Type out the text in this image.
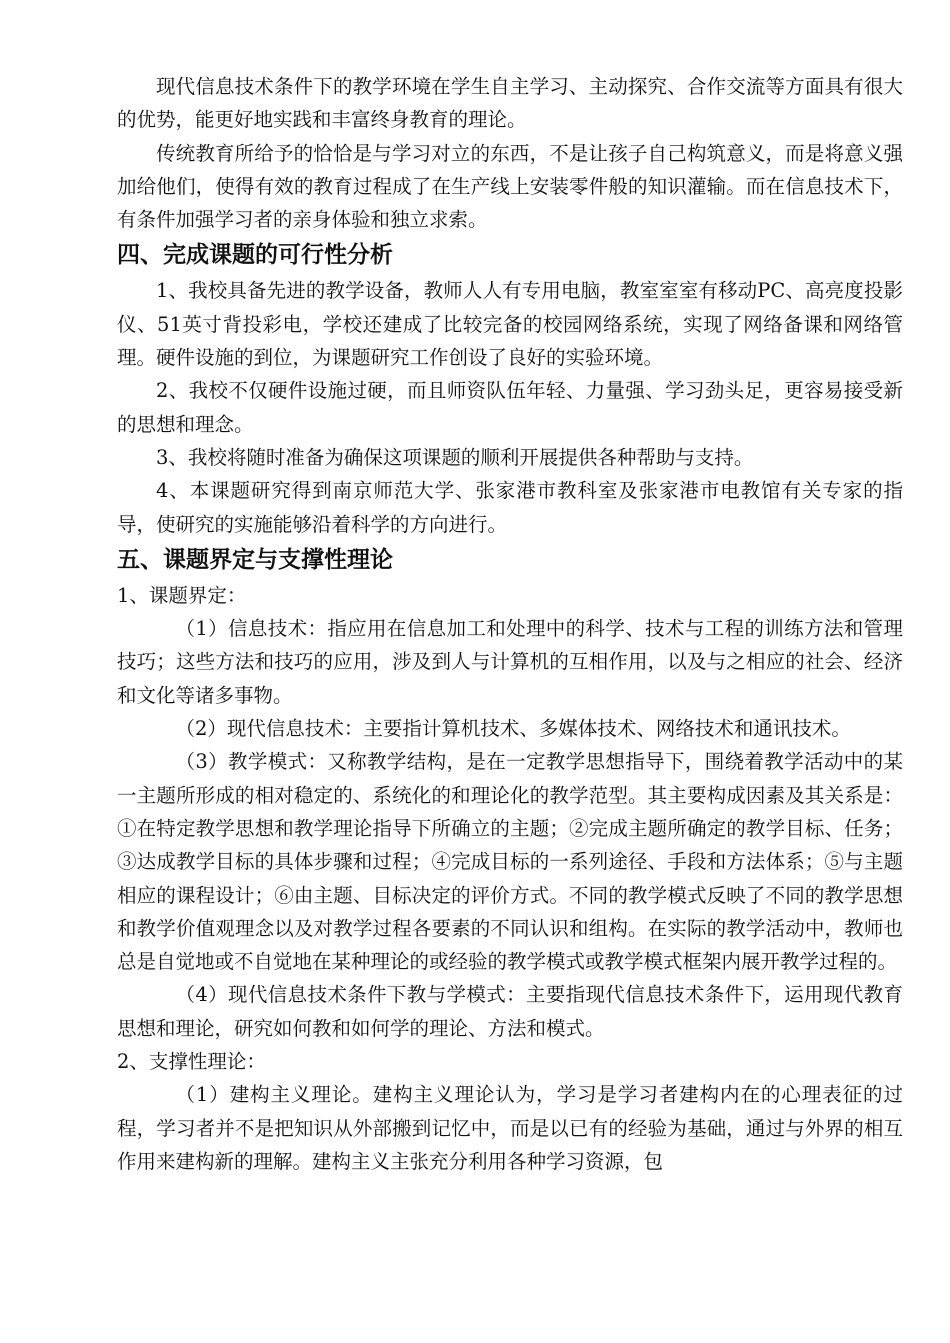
现代信息技术条件下的教学环境在学生自主学习、主动探究、合作交流等方面具有很大的优势，能更好地实践和丰富终身教育的理论。

传统教育所给予的恰恰是与学习对立的东西，不是让孩子自己构筑意义，而是将意义强加给他们，使得有效的教育过程成了在生产线上安装零件般的知识灌输。而在信息技术下，有条件加强学习者的亲身体验和独立求索。

四、完成课题的可行性分析

1、我校具备先进的教学设备，教师人人有专用电脑，教室室室有移动PC、高亮度投影仪、51英寸背投彩电，学校还建成了比较完备的校园网络系统，实现了网络备课和网络管理。硬件设施的到位，为课题研究工作创设了良好的实验环境。

2、我校不仅硬件设施过硬，而且师资队伍年轻、力量强、学习劲头足，更容易接受新的思想和理念。

3、我校将随时准备为确保这项课题的顺利开展提供各种帮助与支持。

4、本课题研究得到南京师范大学、张家港市教科室及张家港市电教馆有关专家的指导，使研究的实施能够沿着科学的方向进行。

五、课题界定与支撑性理论

1、课题界定：

（1）信息技术：指应用在信息加工和处理中的科学、技术与工程的训练方法和管理技巧；这些方法和技巧的应用，涉及到人与计算机的互相作用，以及与之相应的社会、经济和文化等诸多事物。

（2）现代信息技术：主要指计算机技术、多媒体技术、网络技术和通讯技术。

（3）教学模式：又称教学结构，是在一定教学思想指导下，围绕着教学活动中的某一主题所形成的相对稳定的、系统化的和理论化的教学范型。其主要构成因素及其关系是：①在特定教学思想和教学理论指导下所确立的主题；②完成主题所确定的教学目标、任务；③达成教学目标的具体步骤和过程；④完成目标的一系列途径、手段和方法体系；⑤与主题相应的课程设计；⑥由主题、目标决定的评价方式。不同的教学模式反映了不同的教学思想和教学价值观理念以及对教学过程各要素的不同认识和组构。在实际的教学活动中，教师也总是自觉地或不自觉地在某种理论的或经验的教学模式或教学模式框架内展开教学过程的。

（4）现代信息技术条件下教与学模式：主要指现代信息技术条件下，运用现代教育思想和理论，研究如何教和如何学的理论、方法和模式。

2、支撑性理论：

（1）建构主义理论。建构主义理论认为，学习是学习者建构内在的心理表征的过程，学习者并不是把知识从外部搬到记忆中，而是以已有的经验为基础，通过与外界的相互作用来建构新的理解。建构主义主张充分利用各种学习资源，包
